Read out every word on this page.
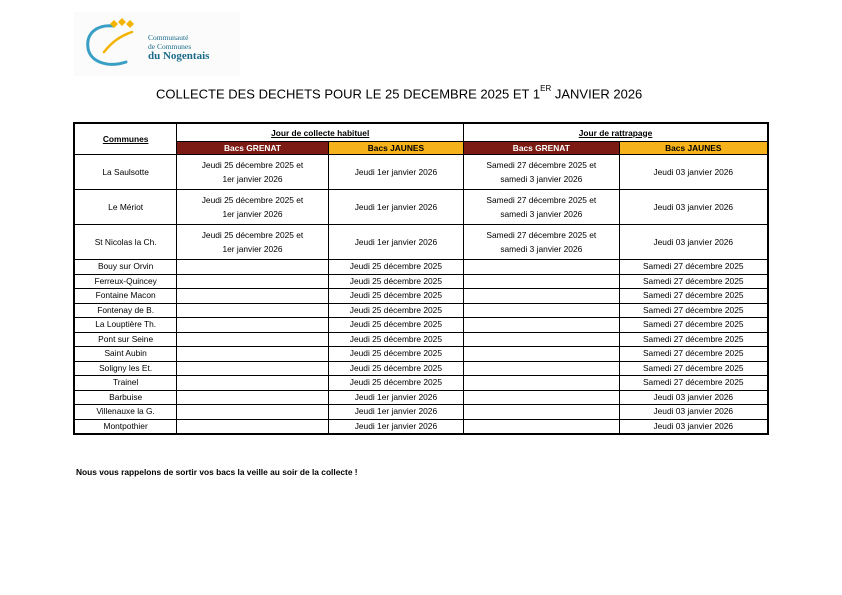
Communauté
de Communes
du Nogentais
COLLECTE DES DECHETS POUR LE 25 DECEMBRE 2025 ET 1ER JANVIER 2026
Communes	Jour de collecte habituel		Jour de rattrapage	
	Bacs GRENAT	Bacs JAUNES	Bacs GRENAT	Bacs JAUNES
La Saulsotte	Jeudi 25 décembre 2025 et
1er janvier 2026	Jeudi 1er janvier 2026	Samedi 27 décembre 2025 et
samedi 3 janvier 2026	Jeudi 03 janvier 2026
Le Mériot	Jeudi 25 décembre 2025 et
1er janvier 2026	Jeudi 1er janvier 2026	Samedi 27 décembre 2025 et
samedi 3 janvier 2026	Jeudi 03 janvier 2026
St Nicolas la Ch.	Jeudi 25 décembre 2025 et
1er janvier 2026	Jeudi 1er janvier 2026	Samedi 27 décembre 2025 et
samedi 3 janvier 2026	Jeudi 03 janvier 2026
Bouy sur Orvin		Jeudi 25 décembre 2025		Samedi 27 décembre 2025
Ferreux-Quincey		Jeudi 25 décembre 2025		Samedi 27 décembre 2025
Fontaine Macon		Jeudi 25 décembre 2025		Samedi 27 décembre 2025
Fontenay de B.		Jeudi 25 décembre 2025		Samedi 27 décembre 2025
La Louptière Th.		Jeudi 25 décembre 2025		Samedi 27 décembre 2025
Pont sur Seine		Jeudi 25 décembre 2025		Samedi 27 décembre 2025
Saint Aubin		Jeudi 25 décembre 2025		Samedi 27 décembre 2025
Soligny les Et.		Jeudi 25 décembre 2025		Samedi 27 décembre 2025
Trainel		Jeudi 25 décembre 2025		Samedi 27 décembre 2025
Barbuise		Jeudi 1er janvier 2026		Jeudi 03 janvier 2026
Villenauxe la G.		Jeudi 1er janvier 2026		Jeudi 03 janvier 2026
Montpothier		Jeudi 1er janvier 2026		Jeudi 03 janvier 2026
Nous vous rappelons de sortir vos bacs la veille au soir de la collecte !
